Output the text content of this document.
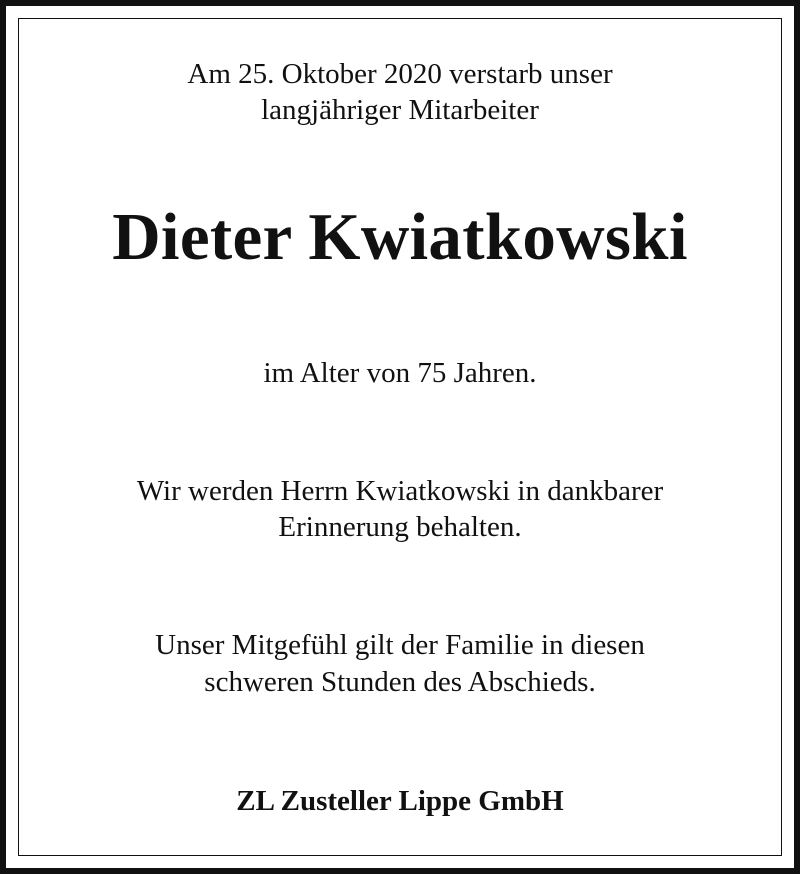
Am 25. Oktober 2020 verstarb unser
langjähriger Mitarbeiter
Dieter Kwiatkowski
im Alter von 75 Jahren.
Wir werden Herrn Kwiatkowski in dankbarer
Erinnerung behalten.
Unser Mitgefühl gilt der Familie in diesen
schweren Stunden des Abschieds.
ZL Zusteller Lippe GmbH
